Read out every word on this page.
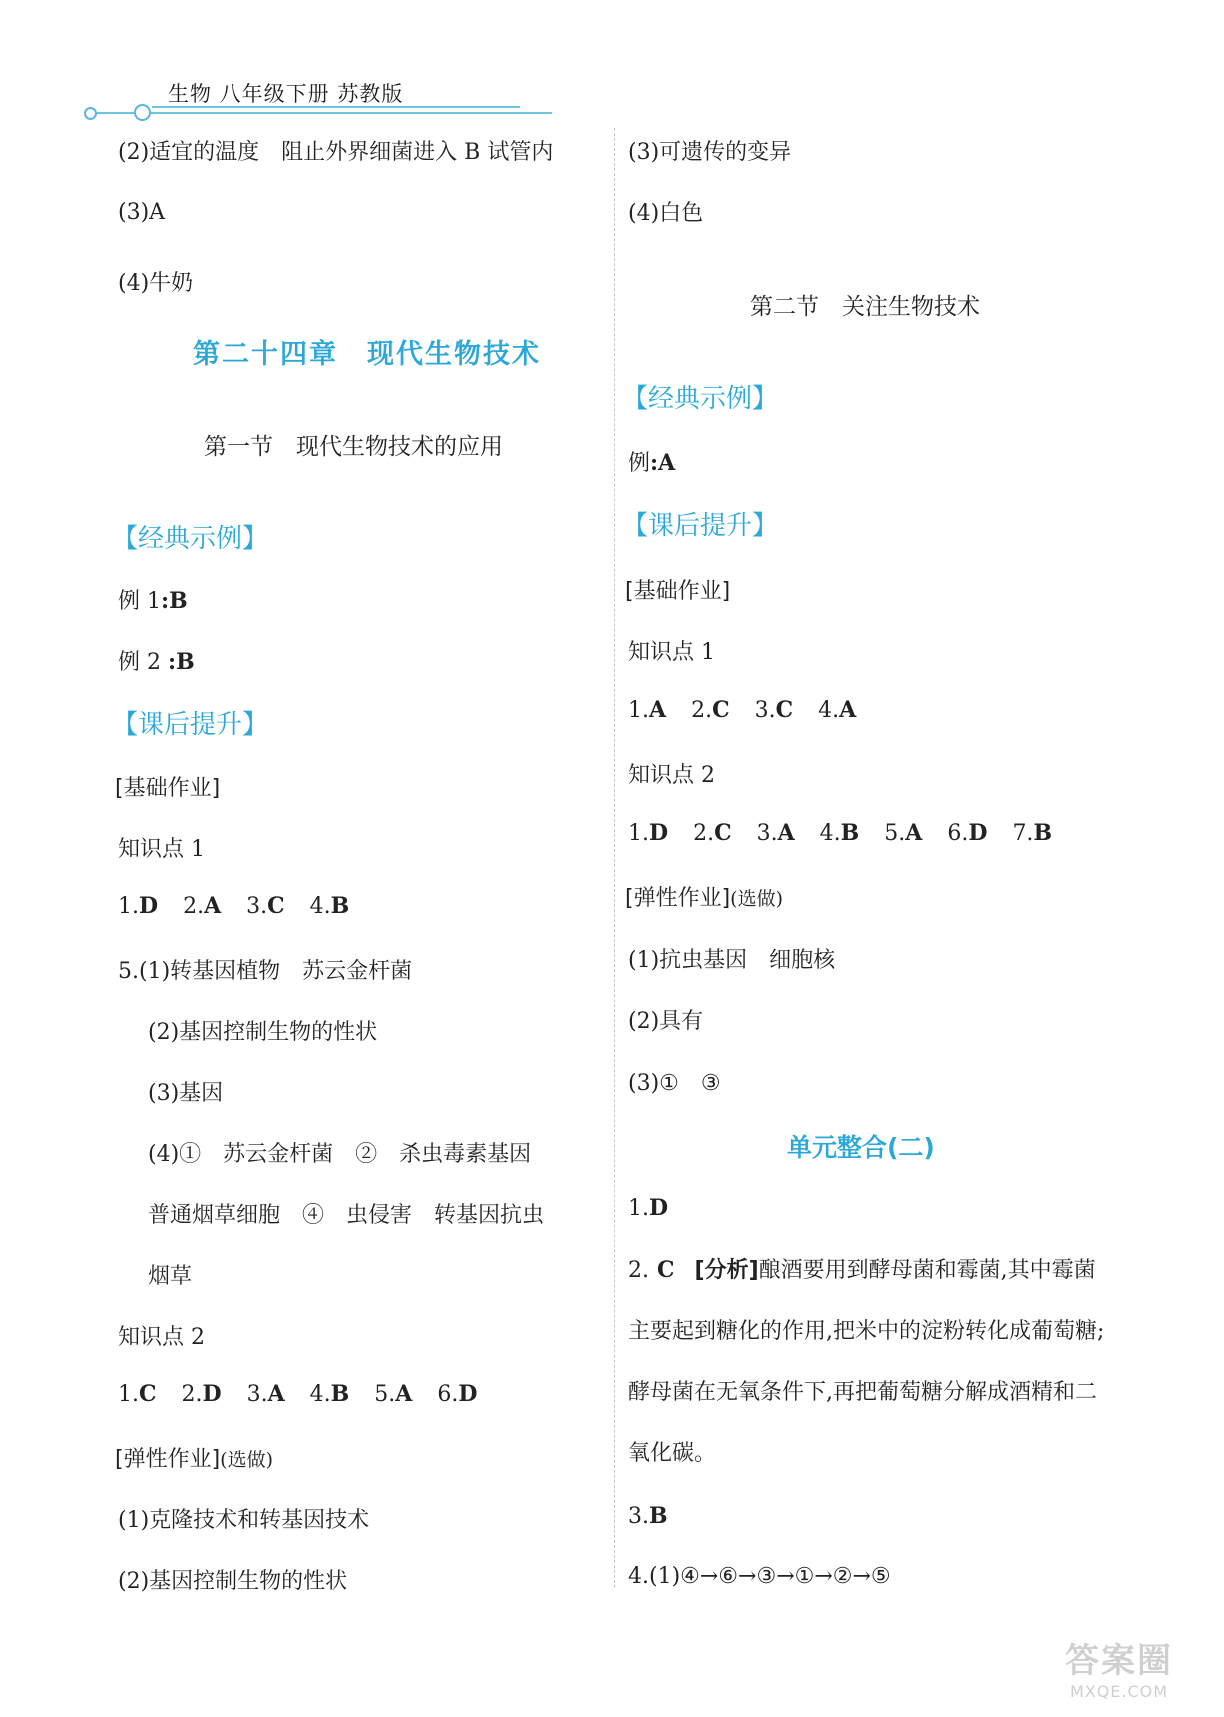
生物 八年级下册 苏教版
(2)适宜的温度　阻止外界细菌进入 B 试管内
(3)A
(4)牛奶
第二十四章　现代生物技术
第一节　现代生物技术的应用
【经典示例】
例 1:B
例 2 :B
【课后提升】
[基础作业]
知识点 1
1.D 2.A 3.C 4.B
5.(1)转基因植物　苏云金杆菌
(2)基因控制生物的性状
(3)基因
(4)①　苏云金杆菌　②　杀虫毒素基因
普通烟草细胞　④　虫侵害　转基因抗虫
烟草
知识点 2
1.C 2.D 3.A 4.B 5.A 6.D
[弹性作业](选做)
(1)克隆技术和转基因技术
(2)基因控制生物的性状
(3)可遗传的变异
(4)白色
第二节　关注生物技术
【经典示例】
例:A
【课后提升】
[基础作业]
知识点 1
1.A 2.C 3.C 4.A
知识点 2
1.D 2.C 3.A 4.B 5.A 6.D 7.B
[弹性作业](选做)
(1)抗虫基因　细胞核
(2)具有
(3)①　③
单元整合(二)
1.D
2. C [分析]酿酒要用到酵母菌和霉菌,其中霉菌主要起到糖化的作用,把米中的淀粉转化成葡萄糖;酵母菌在无氧条件下,再把葡萄糖分解成酒精和二氧化碳。
3.B
4.(1)④→⑥→③→①→②→⑤
答案圈
MXQE.COM
